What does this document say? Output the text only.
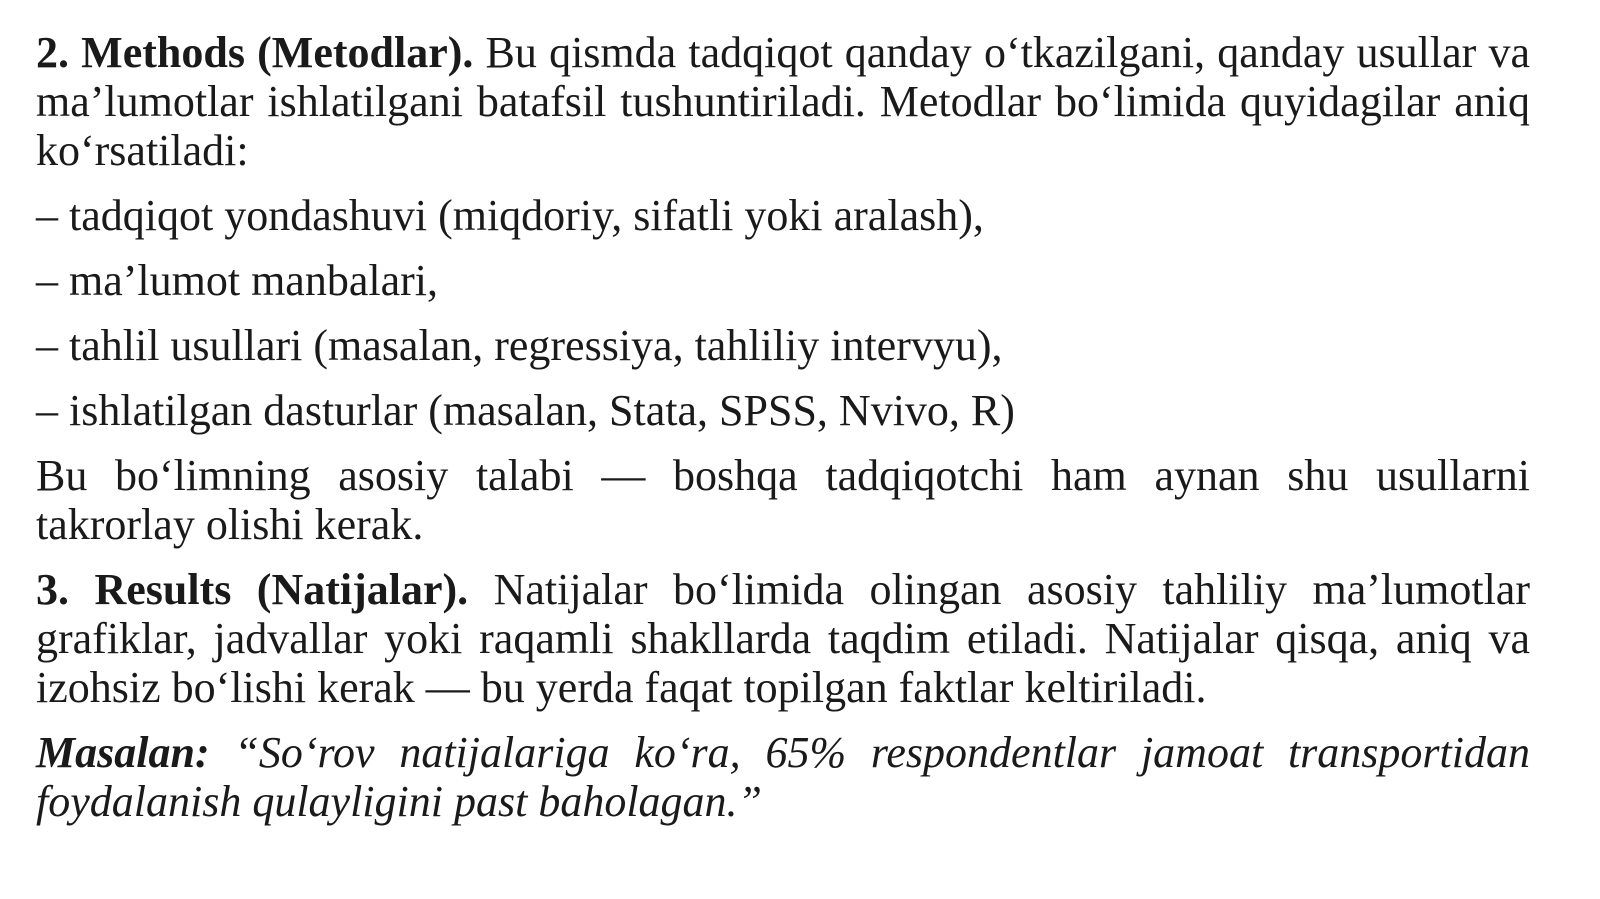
2. Methods (Metodlar). Bu qismda tadqiqot qanday o‘tkazilgani, qanday usullar va ma’lumotlar ishlatilgani batafsil tushuntiriladi. Metodlar bo‘limida quyidagilar aniq ko‘rsatiladi:

– tadqiqot yondashuvi (miqdoriy, sifatli yoki aralash),
– ma’lumot manbalari,
– tahlil usullari (masalan, regressiya, tahliliy intervyu),
– ishlatilgan dasturlar (masalan, Stata, SPSS, Nvivo, R)

Bu bo‘limning asosiy talabi — boshqa tadqiqotchi ham aynan shu usullarni takrorlay olishi kerak.

3. Results (Natijalar). Natijalar bo‘limida olingan asosiy tahliliy ma’lumotlar grafiklar, jadvallar yoki raqamli shakllarda taqdim etiladi. Natijalar qisqa, aniq va izohsiz bo‘lishi kerak — bu yerda faqat topilgan faktlar keltiriladi.

Masalan: “So‘rov natijalariga ko‘ra, 65% respondentlar jamoat transportidan foydalanish qulayligini past baholagan.”
